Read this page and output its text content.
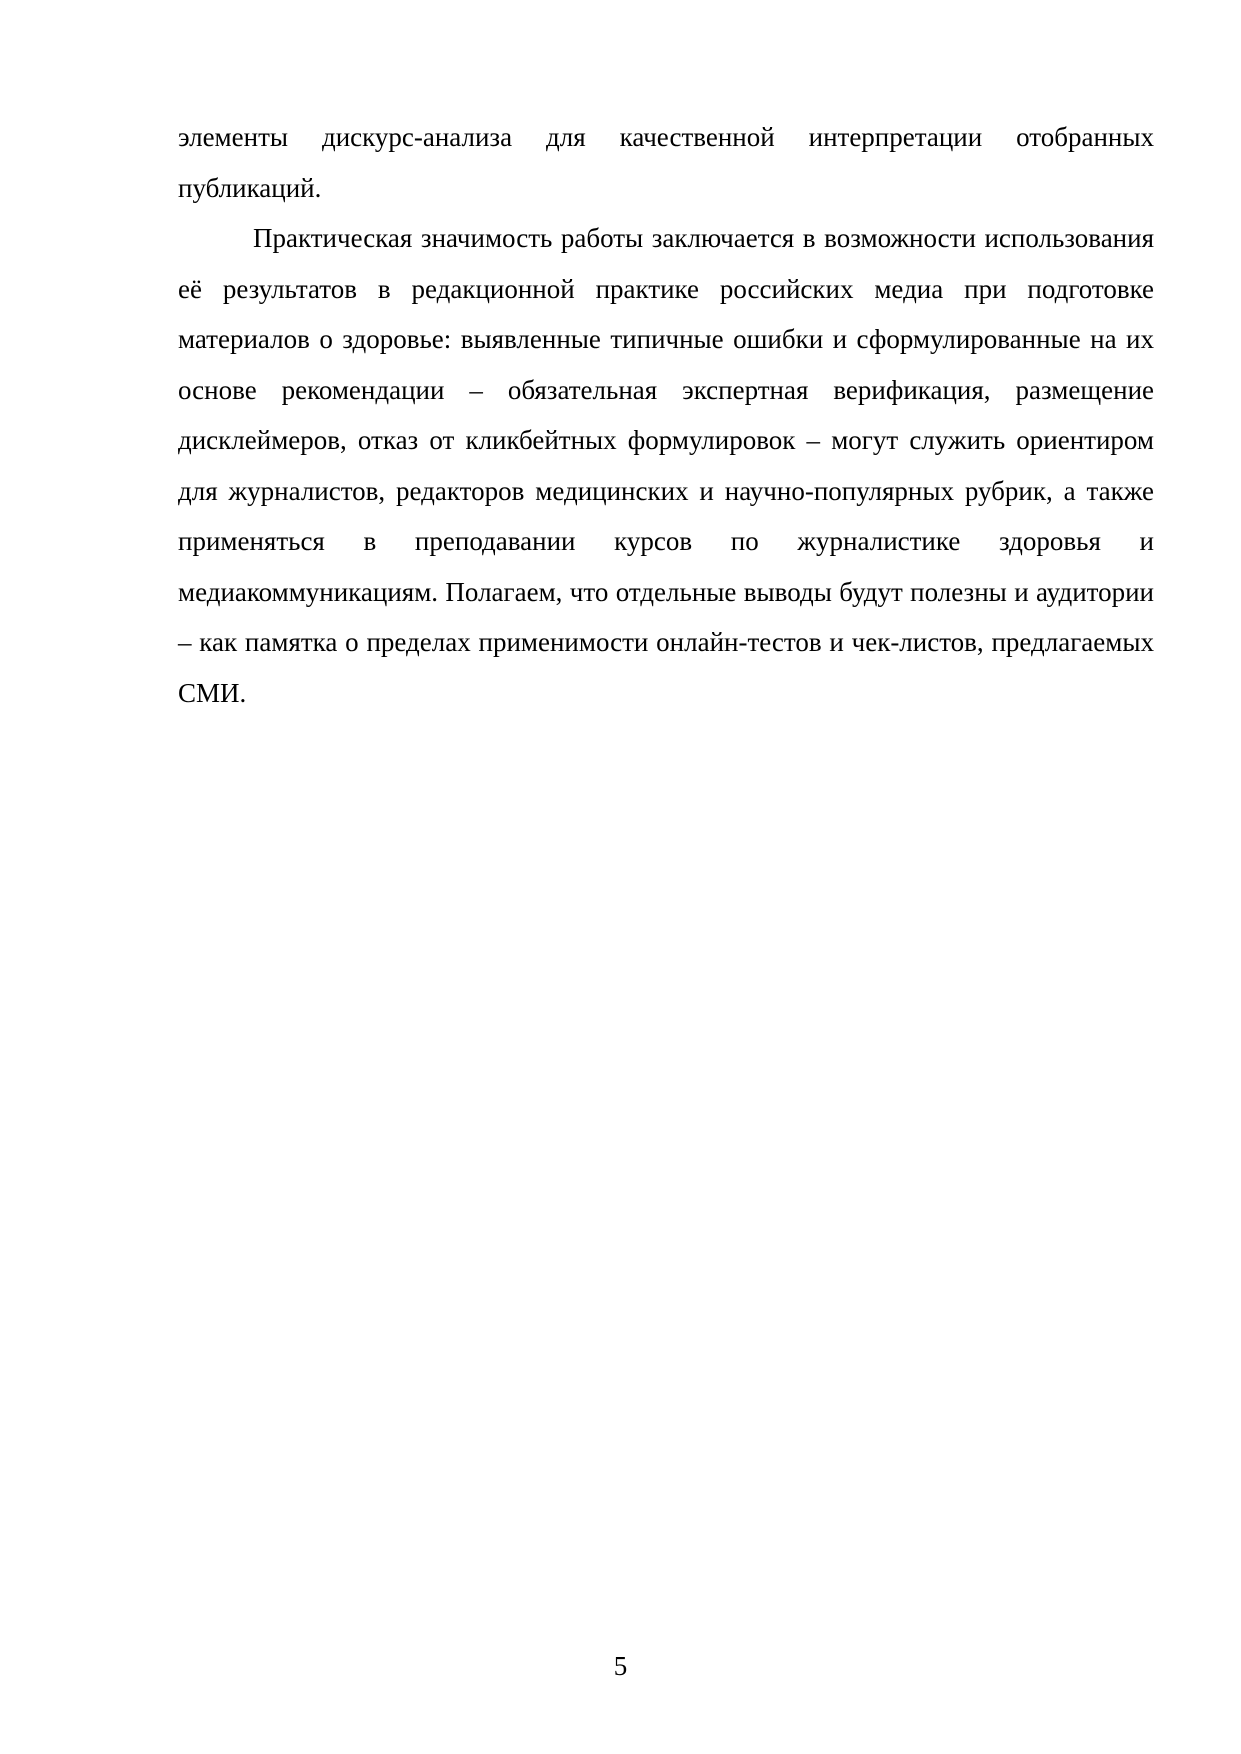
элементы дискурс-анализа для качественной интерпретации отобранных публикаций.

Практическая значимость работы заключается в возможности использования её результатов в редакционной практике российских медиа при подготовке материалов о здоровье: выявленные типичные ошибки и сформулированные на их основе рекомендации – обязательная экспертная верификация, размещение дисклеймеров, отказ от кликбейтных формулировок – могут служить ориентиром для журналистов, редакторов медицинских и научно-популярных рубрик, а также применяться в преподавании курсов по журналистике здоровья и медиакоммуникациям. Полагаем, что отдельные выводы будут полезны и аудитории – как памятка о пределах применимости онлайн-тестов и чек-листов, предлагаемых СМИ.

5
